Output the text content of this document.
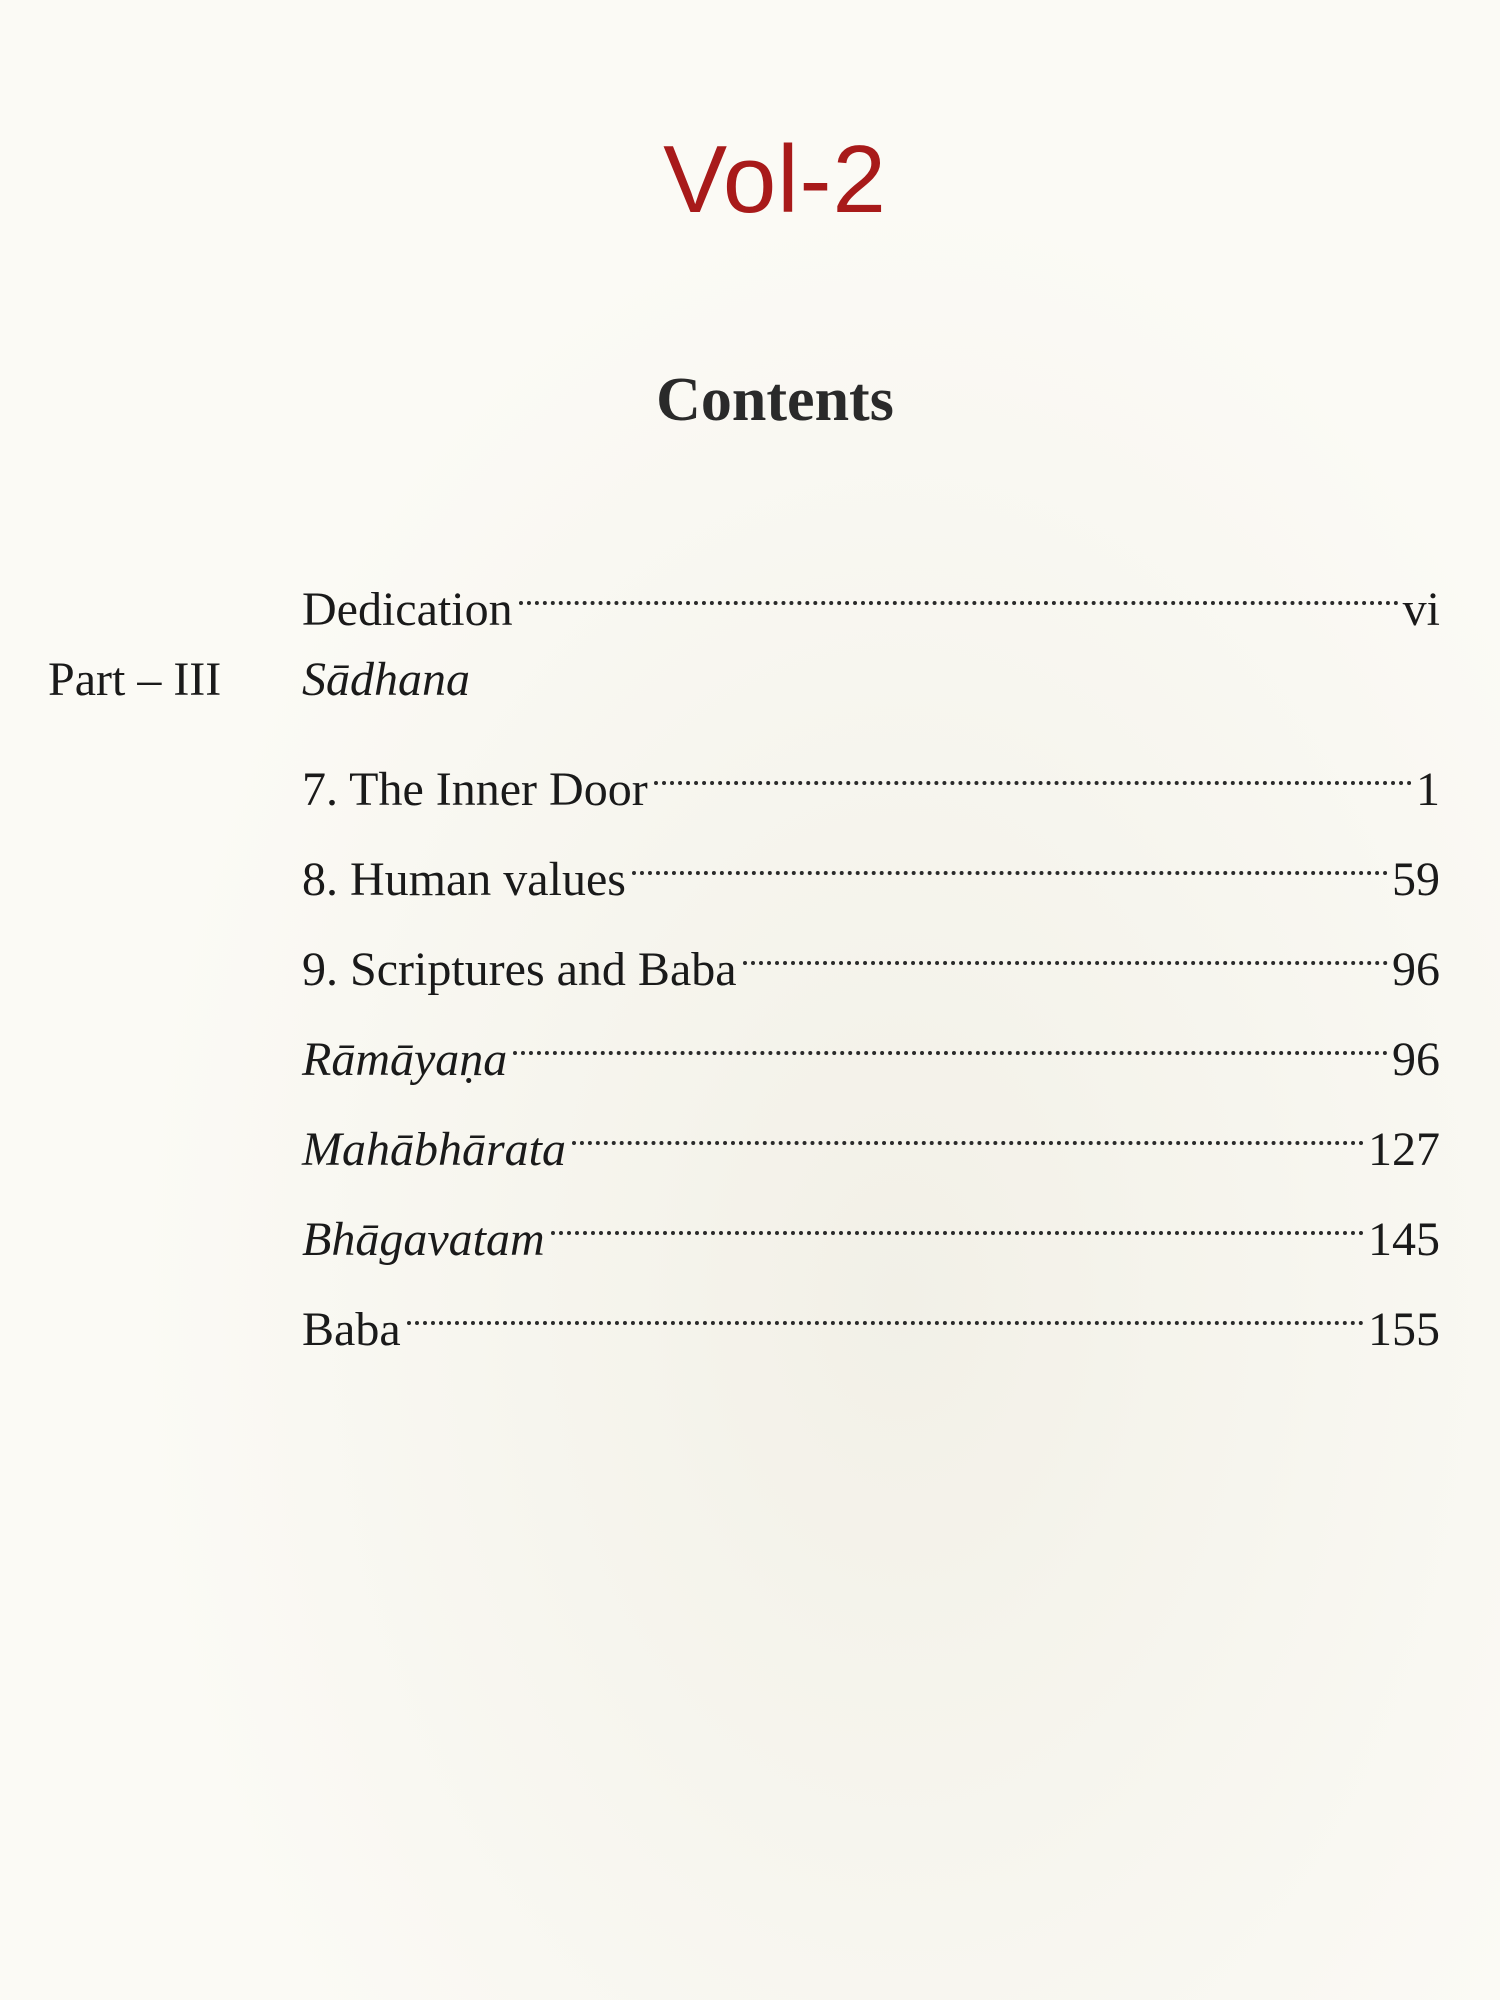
Vol-2
Contents
Dedication	vi
Part – III Sādhana
7. The Inner Door	1
8. Human values	59
9. Scriptures and Baba	96
Rāmāyaṇa	96
Mahābhārata	127
Bhāgavatam	145
Baba	155
